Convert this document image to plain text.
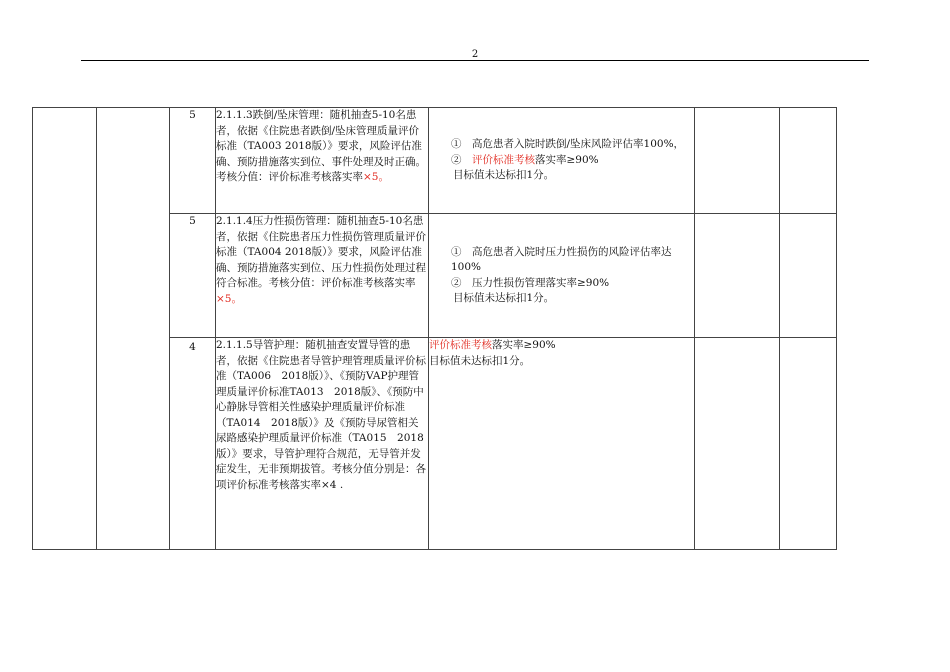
2
		5	2.1.1.3跌倒/坠床管理：随机抽查5-10名患者，依据《住院患者跌倒/坠床管理质量评价标准（TA003 2018版）》要求，风险评估准确、预防措施落实到位、事件处理及时正确。考核分值：评价标准考核落实率×5。	①　高危患者入院时跌倒/坠床风险评估率100%，
②　评价标准考核落实率≥90%
目标值未达标扣1分。		

		5	2.1.1.4压力性损伤管理：随机抽查5-10名患者，依据《住院患者压力性损伤管理质量评价标准（TA004 2018版）》要求，风险评估准确、预防措施落实到位、压力性损伤处理过程符合标准。考核分值：评价标准考核落实率×5。	①　高危患者入院时压力性损伤的风险评估率达100%
②　压力性损伤管理落实率≥90%
目标值未达标扣1分。		

		4	2.1.1.5导管护理：随机抽查安置导管的患者，依据《住院患者导管护理管理质量评价标准（TA006　2018版）》、《预防VAP护理管理质量评价标准TA013　2018版》、《预防中心静脉导管相关性感染护理质量评价标准（TA014　2018版）》及《预防导尿管相关尿路感染护理质量评价标准（TA015　2018版）》要求，导管护理符合规范，无导管并发症发生，无非预期拔管。考核分值分别是：各项评价标准考核落实率×4 .	评价标准考核落实率≥90%
目标值未达标扣1分。		
